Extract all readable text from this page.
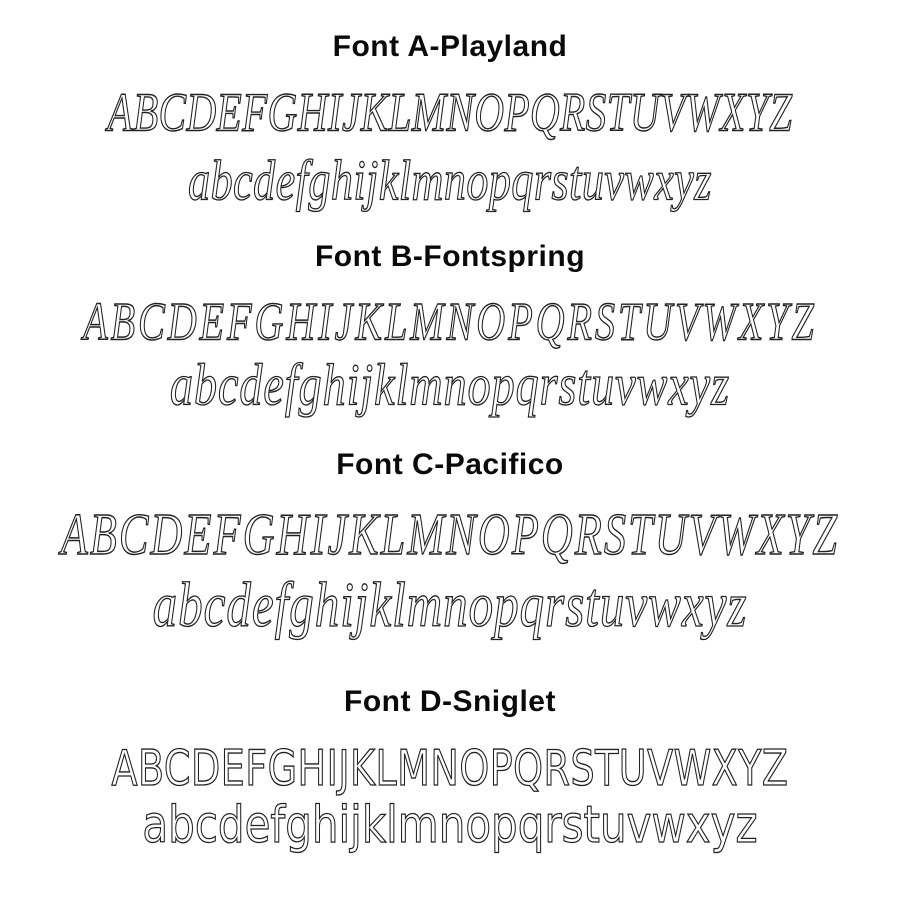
Font A-Playland
ABCDEFGHIJKLMNOPQRSTUVWXYZ
abcdefghijklmnopqrstuvwxyz
Font B-Fontspring
ABCDEFGHIJKLMNOPQRSTUVWXYZ
abcdefghijklmnopqrstuvwxyz
Font C-Pacifico
ABCDEFGHIJKLMNOPQRSTUVWXYZ
abcdefghijklmnopqrstuvwxyz
Font D-Sniglet
ABCDEFGHIJKLMNOPQRSTUVWXYZ
abcdefghijklmnopqrstuvwxyz
